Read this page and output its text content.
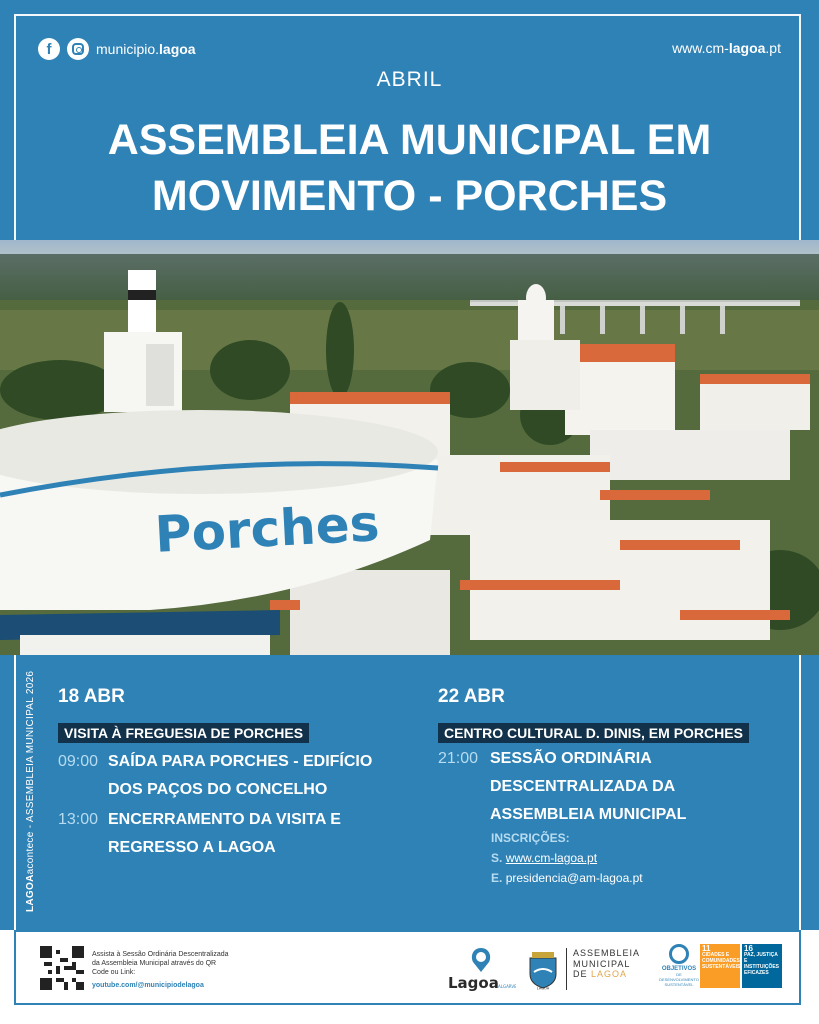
f	municipio.lagoa	www.cm-lagoa.pt
ABRIL
ASSEMBLEIA MUNICIPAL EM
MOVIMENTO - PORCHES
Porches
LAGOAacontece - ASSEMBLEIA MUNICIPAL 2026 18 ABR
VISITA À FREGUESIA DE PORCHES
09:00 SAÍDA PARA PORCHES - EDIFÍCIO
DOS PAÇOS DO CONCELHO
13:00 ENCERRAMENTO DA VISITA E
REGRESSO A LAGOA
22 ABR
CENTRO CULTURAL D. DINIS, EM PORCHES
21:00 SESSÃO ORDINÁRIA
DESCENTRALIZADA DA
ASSEMBLEIA MUNICIPAL
INSCRIÇÕES:
S. www.cm-lagoa.pt
E. presidencia@am-lagoa.pt
Assista à Sessão Ordinária Descentralizada da Assembleia Municipal através do QR Code ou Link:
youtube.com/@municipiodelagoa	Lagoa ALGARVE	LAGOA
ASSEMBLEIA
MUNICIPAL
DE LAGOA	OBJETIVOS
DE DESENVOLVIMENTO SUSTENTÁVEL
11
CIDADES E COMUNIDADES SUSTENTÁVEIS
16
PAZ, JUSTIÇA E INSTITUIÇÕES EFICAZES
